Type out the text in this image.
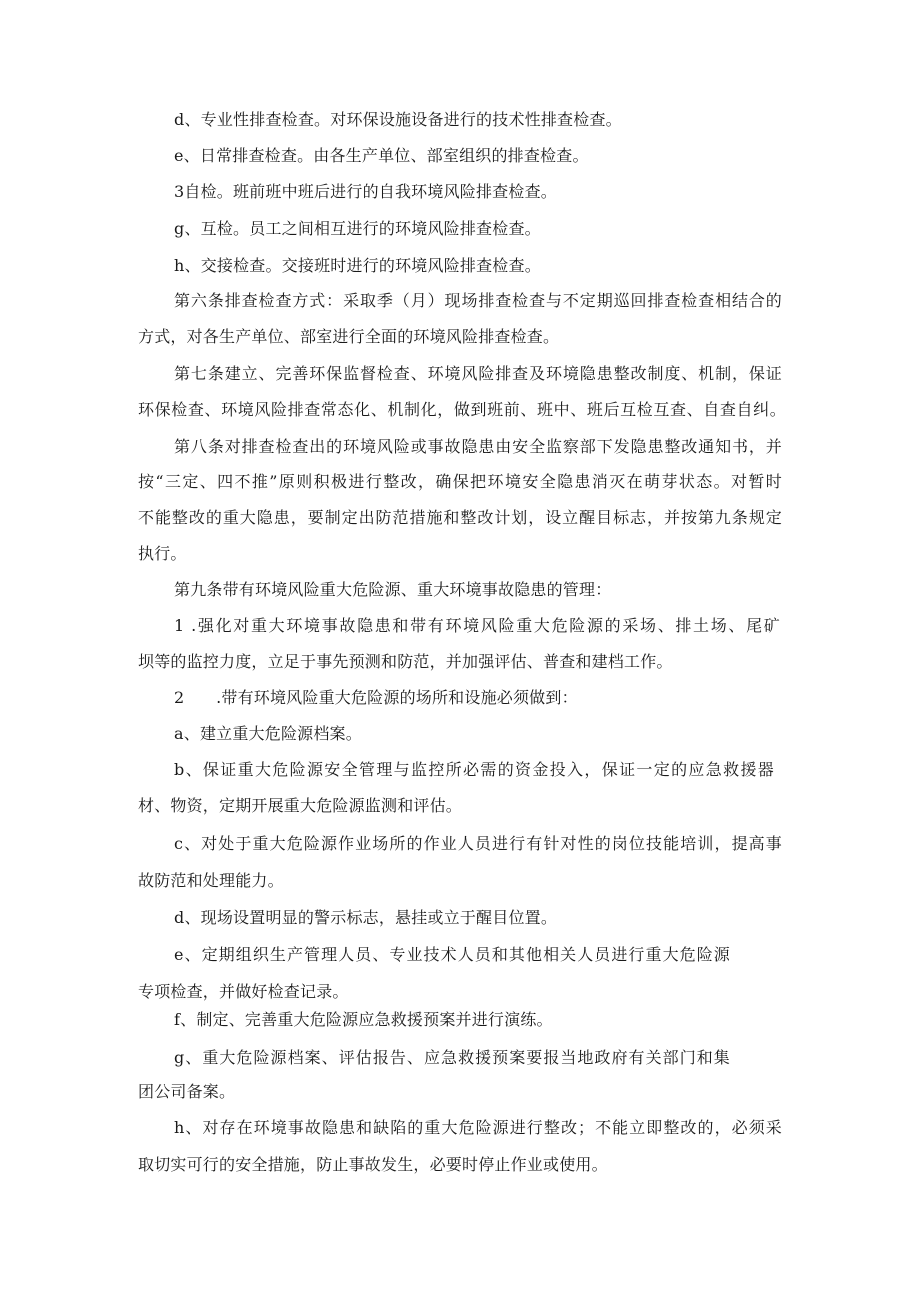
d、专业性排查检查。对环保设施设备进行的技术性排查检查。
e、日常排查检查。由各生产单位、部室组织的排查检查。
3自检。班前班中班后进行的自我环境风险排查检查。
g、互检。员工之间相互进行的环境风险排查检查。
h、交接检查。交接班时进行的环境风险排查检查。
第六条排查检查方式：采取季（月）现场排查检查与不定期巡回排查检查相结合的
方式，对各生产单位、部室进行全面的环境风险排查检查。
第七条建立、完善环保监督检查、环境风险排查及环境隐患整改制度、机制，保证
环保检查、环境风险排查常态化、机制化，做到班前、班中、班后互检互查、自查自纠。
第八条对排查检查出的环境风险或事故隐患由安全监察部下发隐患整改通知书，并
按“三定、四不推”原则积极进行整改，确保把环境安全隐患消灭在萌芽状态。对暂时
不能整改的重大隐患，要制定出防范措施和整改计划，设立醒目标志，并按第九条规定
执行。
第九条带有环境风险重大危险源、重大环境事故隐患的管理：
1 .强化对重大环境事故隐患和带有环境风险重大危险源的采场、排土场、尾矿
坝等的监控力度，立足于事先预测和防范，并加强评估、普查和建档工作。
2      .带有环境风险重大危险源的场所和设施必须做到：
a、建立重大危险源档案。
b、保证重大危险源安全管理与监控所必需的资金投入，保证一定的应急救援器
材、物资，定期开展重大危险源监测和评估。
c、对处于重大危险源作业场所的作业人员进行有针对性的岗位技能培训，提高事
故防范和处理能力。
d、现场设置明显的警示标志，悬挂或立于醒目位置。
e、定期组织生产管理人员、专业技术人员和其他相关人员进行重大危险源
专项检查，并做好检查记录。
f、制定、完善重大危险源应急救援预案并进行演练。
g、重大危险源档案、评估报告、应急救援预案要报当地政府有关部门和集
团公司备案。
h、对存在环境事故隐患和缺陷的重大危险源进行整改；不能立即整改的，必须采
取切实可行的安全措施，防止事故发生，必要时停止作业或使用。
